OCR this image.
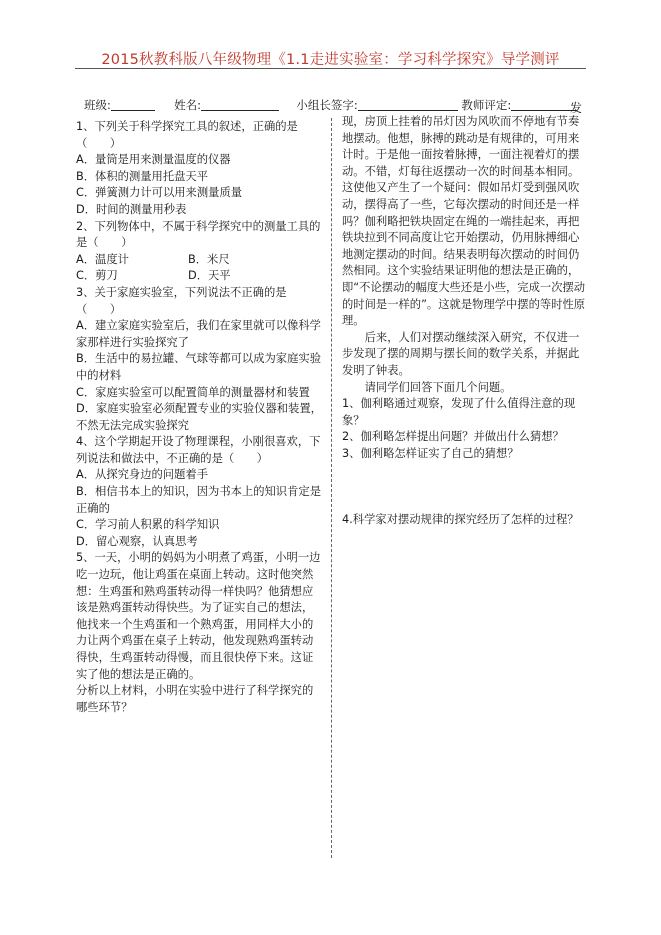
2015秋教科版八年级物理《1.1走进实验室：学习科学探究》导学测评
班级:	姓名:	小组长签字:	教师评定:	发

1、下列关于科学探究工具的叙述，正确的是（　　）

A．量筒是用来测量温度的仪器

B．体积的测量用托盘天平

C．弹簧测力计可以用来测量质量

D．时间的测量用秒表

2、下列物体中，不属于科学探究中的测量工具的是（　　）

A．温度计	B．米尺
C．剪刀	D．天平

3、关于家庭实验室，下列说法不正确的是（　　）

A．建立家庭实验室后，我们在家里就可以像科学家那样进行实验探究了

B．生活中的易拉罐、气球等都可以成为家庭实验中的材料

C．家庭实验室可以配置简单的测量器材和装置

D．家庭实验室必须配置专业的实验仪器和装置，不然无法完成实验探究

4、这个学期起开设了物理课程，小刚很喜欢，下列说法和做法中，不正确的是（　　）

A．从探究身边的问题着手

B．相信书本上的知识，因为书本上的知识肯定是正确的

C．学习前人积累的科学知识

D．留心观察，认真思考

5、一天，小明的妈妈为小明煮了鸡蛋，小明一边吃一边玩，他让鸡蛋在桌面上转动。这时他突然想：生鸡蛋和熟鸡蛋转动得一样快吗？他猜想应该是熟鸡蛋转动得快些。为了证实自己的想法，他找来一个生鸡蛋和一个熟鸡蛋，用同样大小的力让两个鸡蛋在桌子上转动，他发现熟鸡蛋转动得快，生鸡蛋转动得慢，而且很快停下来。这证实了他的想法是正确的。

分析以上材料，小明在实验中进行了科学探究的哪些环节？

现，房顶上挂着的吊灯因为风吹而不停地有节奏地摆动。他想，脉搏的跳动是有规律的，可用来计时。于是他一面按着脉搏，一面注视着灯的摆动。不错，灯每往返摆动一次的时间基本相同。这使他又产生了一个疑问：假如吊灯受到强风吹动，摆得高了一些，它每次摆动的时间还是一样吗？伽利略把铁块固定在绳的一端挂起来，再把铁块拉到不同高度让它开始摆动，仍用脉搏细心地测定摆动的时间。结果表明每次摆动的时间仍然相同。这个实验结果证明他的想法是正确的，即“不论摆动的幅度大些还是小些，完成一次摆动的时间是一样的”。这就是物理学中摆的等时性原理。

后来，人们对摆动继续深入研究，不仅进一步发现了摆的周期与摆长间的数学关系，并据此发明了钟表。

请同学们回答下面几个问题。

1、伽利略通过观察，发现了什么值得注意的现象？

2、伽利略怎样提出问题？并做出什么猜想？

3、伽利略怎样证实了自己的猜想？

4.科学家对摆动规律的探究经历了怎样的过程？
